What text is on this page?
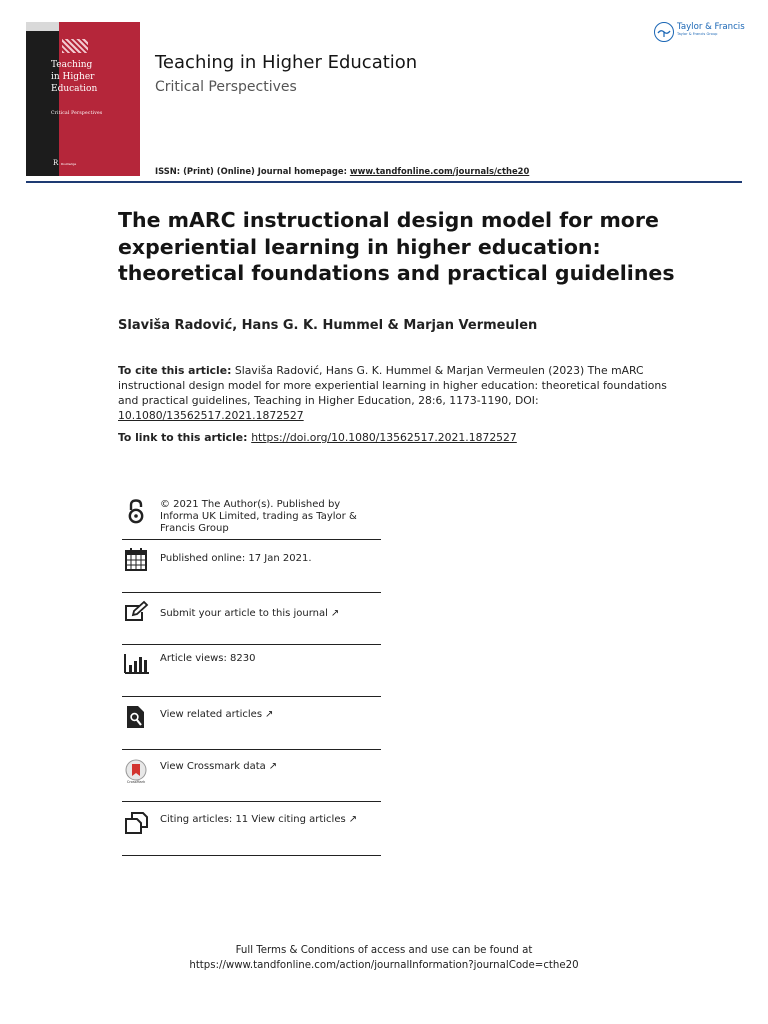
Teaching
in Higher
Education
Critical Perspectives
R Routledge
Teaching in Higher Education
Critical Perspectives
ISSN: (Print) (Online) Journal homepage: www.tandfonline.com/journals/cthe20
Taylor & Francis
Taylor & Francis Group
The mARC instructional design model for more experiential learning in higher education: theoretical foundations and practical guidelines
Slaviša Radović, Hans G. K. Hummel & Marjan Vermeulen
To cite this article: Slaviša Radović, Hans G. K. Hummel & Marjan Vermeulen (2023) The mARC instructional design model for more experiential learning in higher education: theoretical foundations and practical guidelines, Teaching in Higher Education, 28:6, 1173-1190, DOI: 10.1080/13562517.2021.1872527
To link to this article: https://doi.org/10.1080/13562517.2021.1872527
© 2021 The Author(s). Published by Informa UK Limited, trading as Taylor & Francis Group
Published online: 17 Jan 2021.
Submit your article to this journal ↗
Article views: 8230
View related articles ↗
CrossMark
View Crossmark data ↗
Citing articles: 11 View citing articles ↗
Full Terms & Conditions of access and use can be found at
https://www.tandfonline.com/action/journalInformation?journalCode=cthe20
